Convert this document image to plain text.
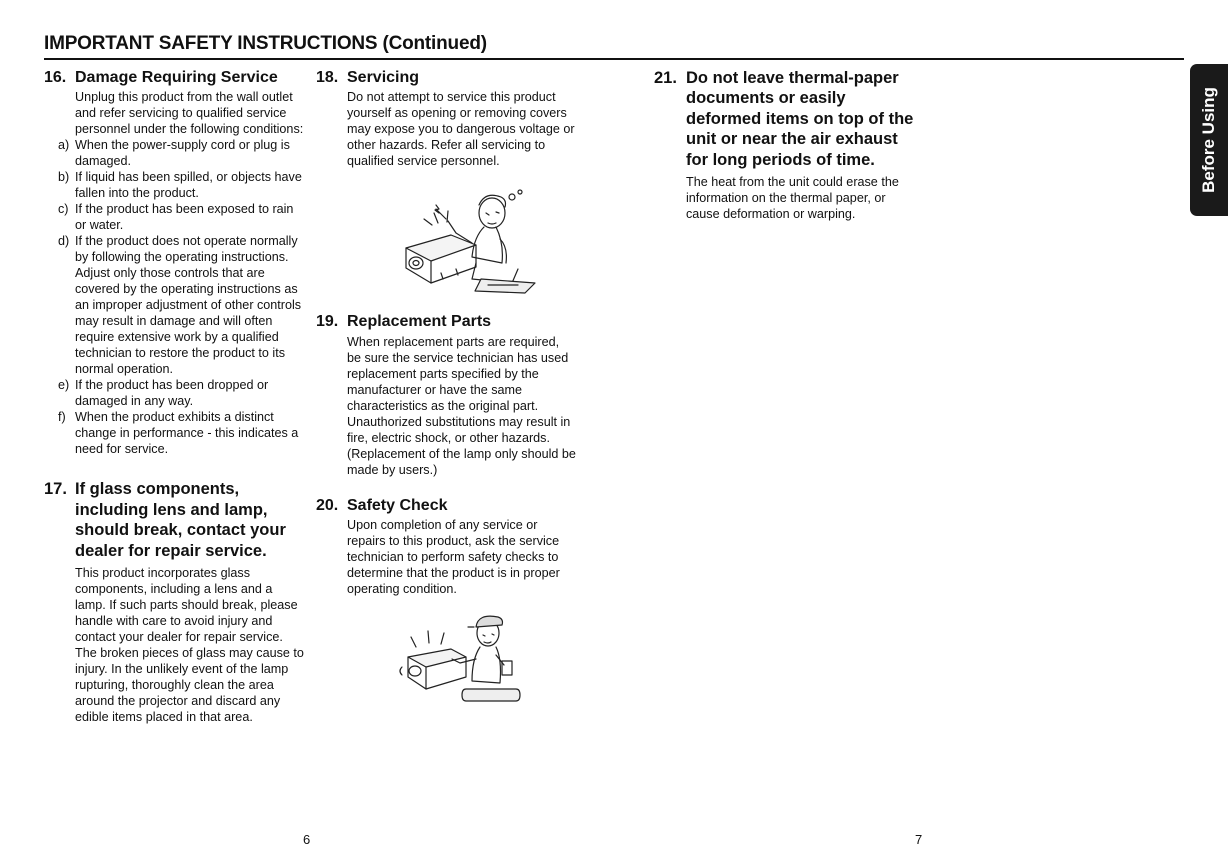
IMPORTANT SAFETY INSTRUCTIONS (Continued)
16. Damage Requiring Service
Unplug this product from the wall outlet and refer servicing to qualified service personnel under the following conditions:
a) When the power-supply cord or plug is damaged.
b) If liquid has been spilled, or objects have fallen into the product.
c) If the product has been exposed to rain or water.
d) If the product does not operate normally by following the operating instructions. Adjust only those controls that are covered by the operating instructions as an improper adjustment of other controls may result in damage and will often require extensive work by a qualified technician to restore the product to its normal operation.
e) If the product has been dropped or damaged in any way.
f) When the product exhibits a distinct change in performance - this indicates a need for service.
17. If glass components, including lens and lamp, should break, contact your dealer for repair service.
This product incorporates glass components, including a lens and a lamp. If such parts should break, please handle with care to avoid injury and contact your dealer for repair service. The broken pieces of glass may cause to injury. In the unlikely event of the lamp rupturing, thoroughly clean the area around the projector and discard any edible items placed in that area.
18. Servicing
Do not attempt to service this product yourself as opening or removing covers may expose you to dangerous voltage or other hazards. Refer all servicing to qualified service personnel.
19. Replacement Parts
When replacement parts are required, be sure the service technician has used replacement parts specified by the manufacturer or have the same characteristics as the original part. Unauthorized substitutions may result in fire, electric shock, or other hazards.
(Replacement of the lamp only should be made by users.)
20. Safety Check
Upon completion of any service or repairs to this product, ask the service technician to perform safety checks to determine that the product is in proper operating condition.
21. Do not leave thermal-paper documents or easily deformed items on top of the unit or near the air exhaust for long periods of time.
The heat from the unit could erase the information on the thermal paper, or cause deformation or warping.
6	7
Before Using
